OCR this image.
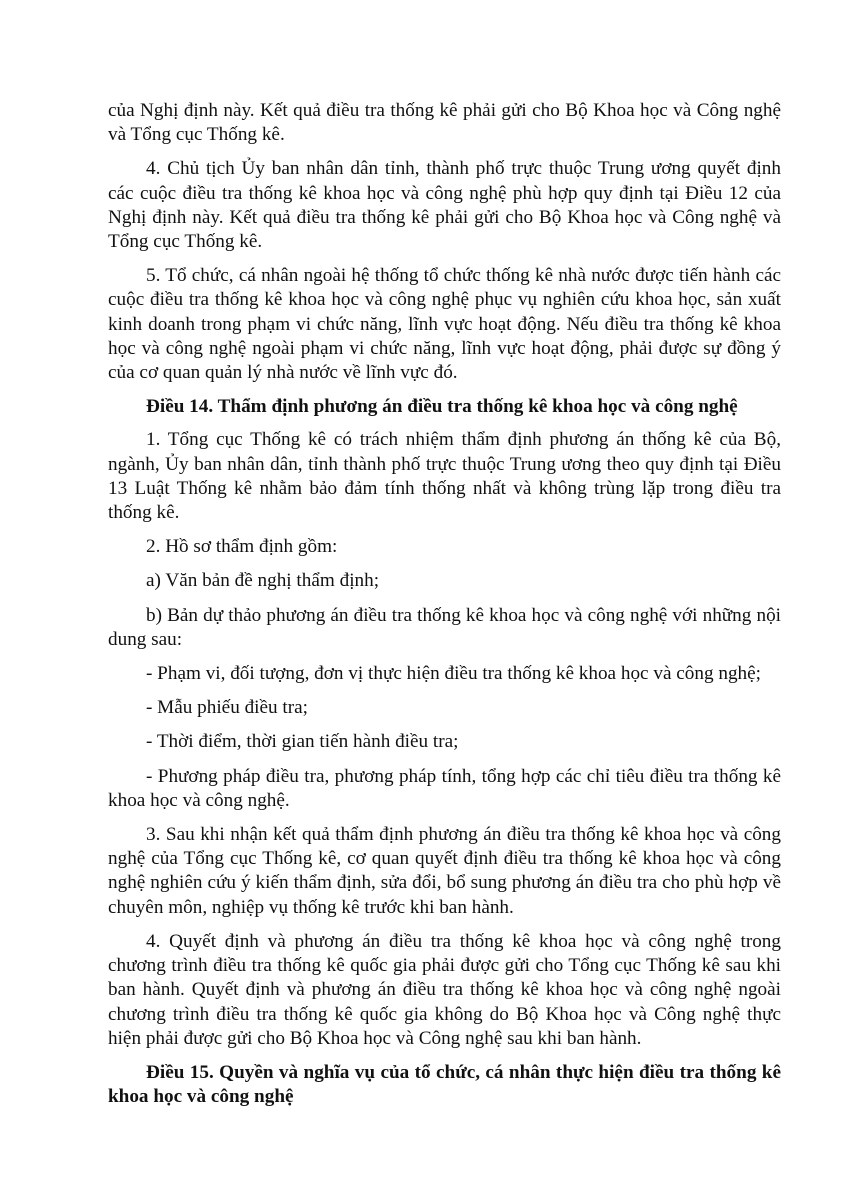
của Nghị định này. Kết quả điều tra thống kê phải gửi cho Bộ Khoa học và Công nghệ và Tổng cục Thống kê.

4. Chủ tịch Ủy ban nhân dân tỉnh, thành phố trực thuộc Trung ương quyết định các cuộc điều tra thống kê khoa học và công nghệ phù hợp quy định tại Điều 12 của Nghị định này. Kết quả điều tra thống kê phải gửi cho Bộ Khoa học và Công nghệ và Tổng cục Thống kê.

5. Tổ chức, cá nhân ngoài hệ thống tổ chức thống kê nhà nước được tiến hành các cuộc điều tra thống kê khoa học và công nghệ phục vụ nghiên cứu khoa học, sản xuất kinh doanh trong phạm vi chức năng, lĩnh vực hoạt động. Nếu điều tra thống kê khoa học và công nghệ ngoài phạm vi chức năng, lĩnh vực hoạt động, phải được sự đồng ý của cơ quan quản lý nhà nước về lĩnh vực đó.

Điều 14. Thẩm định phương án điều tra thống kê khoa học và công nghệ

1. Tổng cục Thống kê có trách nhiệm thẩm định phương án thống kê của Bộ, ngành, Ủy ban nhân dân, tỉnh thành phố trực thuộc Trung ương theo quy định tại Điều 13 Luật Thống kê nhằm bảo đảm tính thống nhất và không trùng lặp trong điều tra thống kê.

2. Hồ sơ thẩm định gồm:

a) Văn bản đề nghị thẩm định;

b) Bản dự thảo phương án điều tra thống kê khoa học và công nghệ với những nội dung sau:

- Phạm vi, đối tượng, đơn vị thực hiện điều tra thống kê khoa học và công nghệ;

- Mẫu phiếu điều tra;

- Thời điểm, thời gian tiến hành điều tra;

- Phương pháp điều tra, phương pháp tính, tổng hợp các chỉ tiêu điều tra thống kê khoa học và công nghệ.

3. Sau khi nhận kết quả thẩm định phương án điều tra thống kê khoa học và công nghệ của Tổng cục Thống kê, cơ quan quyết định điều tra thống kê khoa học và công nghệ nghiên cứu ý kiến thẩm định, sửa đổi, bổ sung phương án điều tra cho phù hợp về chuyên môn, nghiệp vụ thống kê trước khi ban hành.

4. Quyết định và phương án điều tra thống kê khoa học và công nghệ trong chương trình điều tra thống kê quốc gia phải được gửi cho Tổng cục Thống kê sau khi ban hành. Quyết định và phương án điều tra thống kê khoa học và công nghệ ngoài chương trình điều tra thống kê quốc gia không do Bộ Khoa học và Công nghệ thực hiện phải được gửi cho Bộ Khoa học và Công nghệ sau khi ban hành.

Điều 15. Quyền và nghĩa vụ của tổ chức, cá nhân thực hiện điều tra thống kê khoa học và công nghệ
